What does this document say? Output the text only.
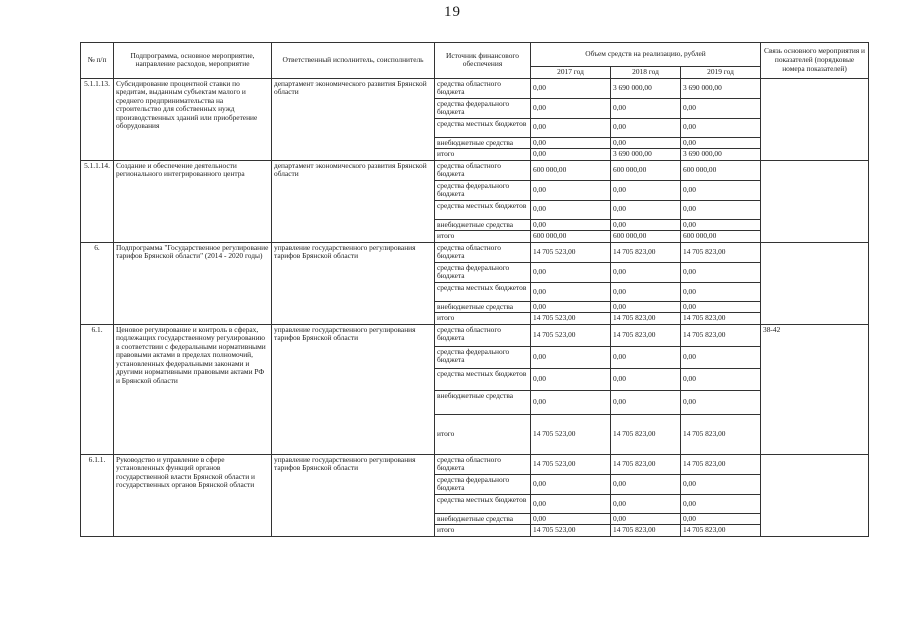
19
№ п/п	Подпрограмма, основное мероприятие, направление расходов, мероприятие	Ответственный исполнитель, соисполнитель	Источник финансового обеспечения	Объем средств на реализацию, рублей			Связь основного мероприятия и показателей (порядковые номера показателей)
				2017 год	2018 год	2019 год	
5.1.1.13.	Субсидирование процентной ставки по кредитам, выданным субъектам малого и среднего предпринимательства на строительство для собственных нужд производственных зданий или приобретение оборудования	департамент экономического развития Брянской области	средства областного бюджета	0,00	3 690 000,00	3 690 000,00	
			средства федерального бюджета	0,00	0,00	0,00	
			средства местных бюджетов	0,00	0,00	0,00	
			внебюджетные средства	0,00	0,00	0,00	
			итого	0,00	3 690 000,00	3 690 000,00	
5.1.1.14.	Создание и обеспечение деятельности регионального интегрированного центра	департамент экономического развития Брянской области	средства областного бюджета	600 000,00	600 000,00	600 000,00	
			средства федерального бюджета	0,00	0,00	0,00	
			средства местных бюджетов	0,00	0,00	0,00	
			внебюджетные средства	0,00	0,00	0,00	
			итого	600 000,00	600 000,00	600 000,00	
6.	Подпрограмма "Государственное регулирование тарифов Брянской области" (2014 - 2020 годы)	управление государственного регулирования тарифов Брянской области	средства областного бюджета	14 705 523,00	14 705 823,00	14 705 823,00	
			средства федерального бюджета	0,00	0,00	0,00	
			средства местных бюджетов	0,00	0,00	0,00	
			внебюджетные средства	0,00	0,00	0,00	
			итого	14 705 523,00	14 705 823,00	14 705 823,00	
6.1.	Ценовое регулирование и контроль в сферах, подлежащих государственному регулированию в соответствии с федеральными нормативными правовыми актами в пределах полномочий, установленных федеральными законами и другими нормативными правовыми актами РФ и Брянской области	управление государственного регулирования тарифов Брянской области	средства областного бюджета	14 705 523,00	14 705 823,00	14 705 823,00	38-42
			средства федерального бюджета	0,00	0,00	0,00	
			средства местных бюджетов	0,00	0,00	0,00	
			внебюджетные средства	0,00	0,00	0,00	
			итого	14 705 523,00	14 705 823,00	14 705 823,00	
6.1.1.	Руководство и управление в сфере установленных функций органов государственной власти Брянской области и государственных органов Брянской области	управление государственного регулирования тарифов Брянской области	средства областного бюджета	14 705 523,00	14 705 823,00	14 705 823,00	
			средства федерального бюджета	0,00	0,00	0,00	
			средства местных бюджетов	0,00	0,00	0,00	
			внебюджетные средства	0,00	0,00	0,00	
			итого	14 705 523,00	14 705 823,00	14 705 823,00	
